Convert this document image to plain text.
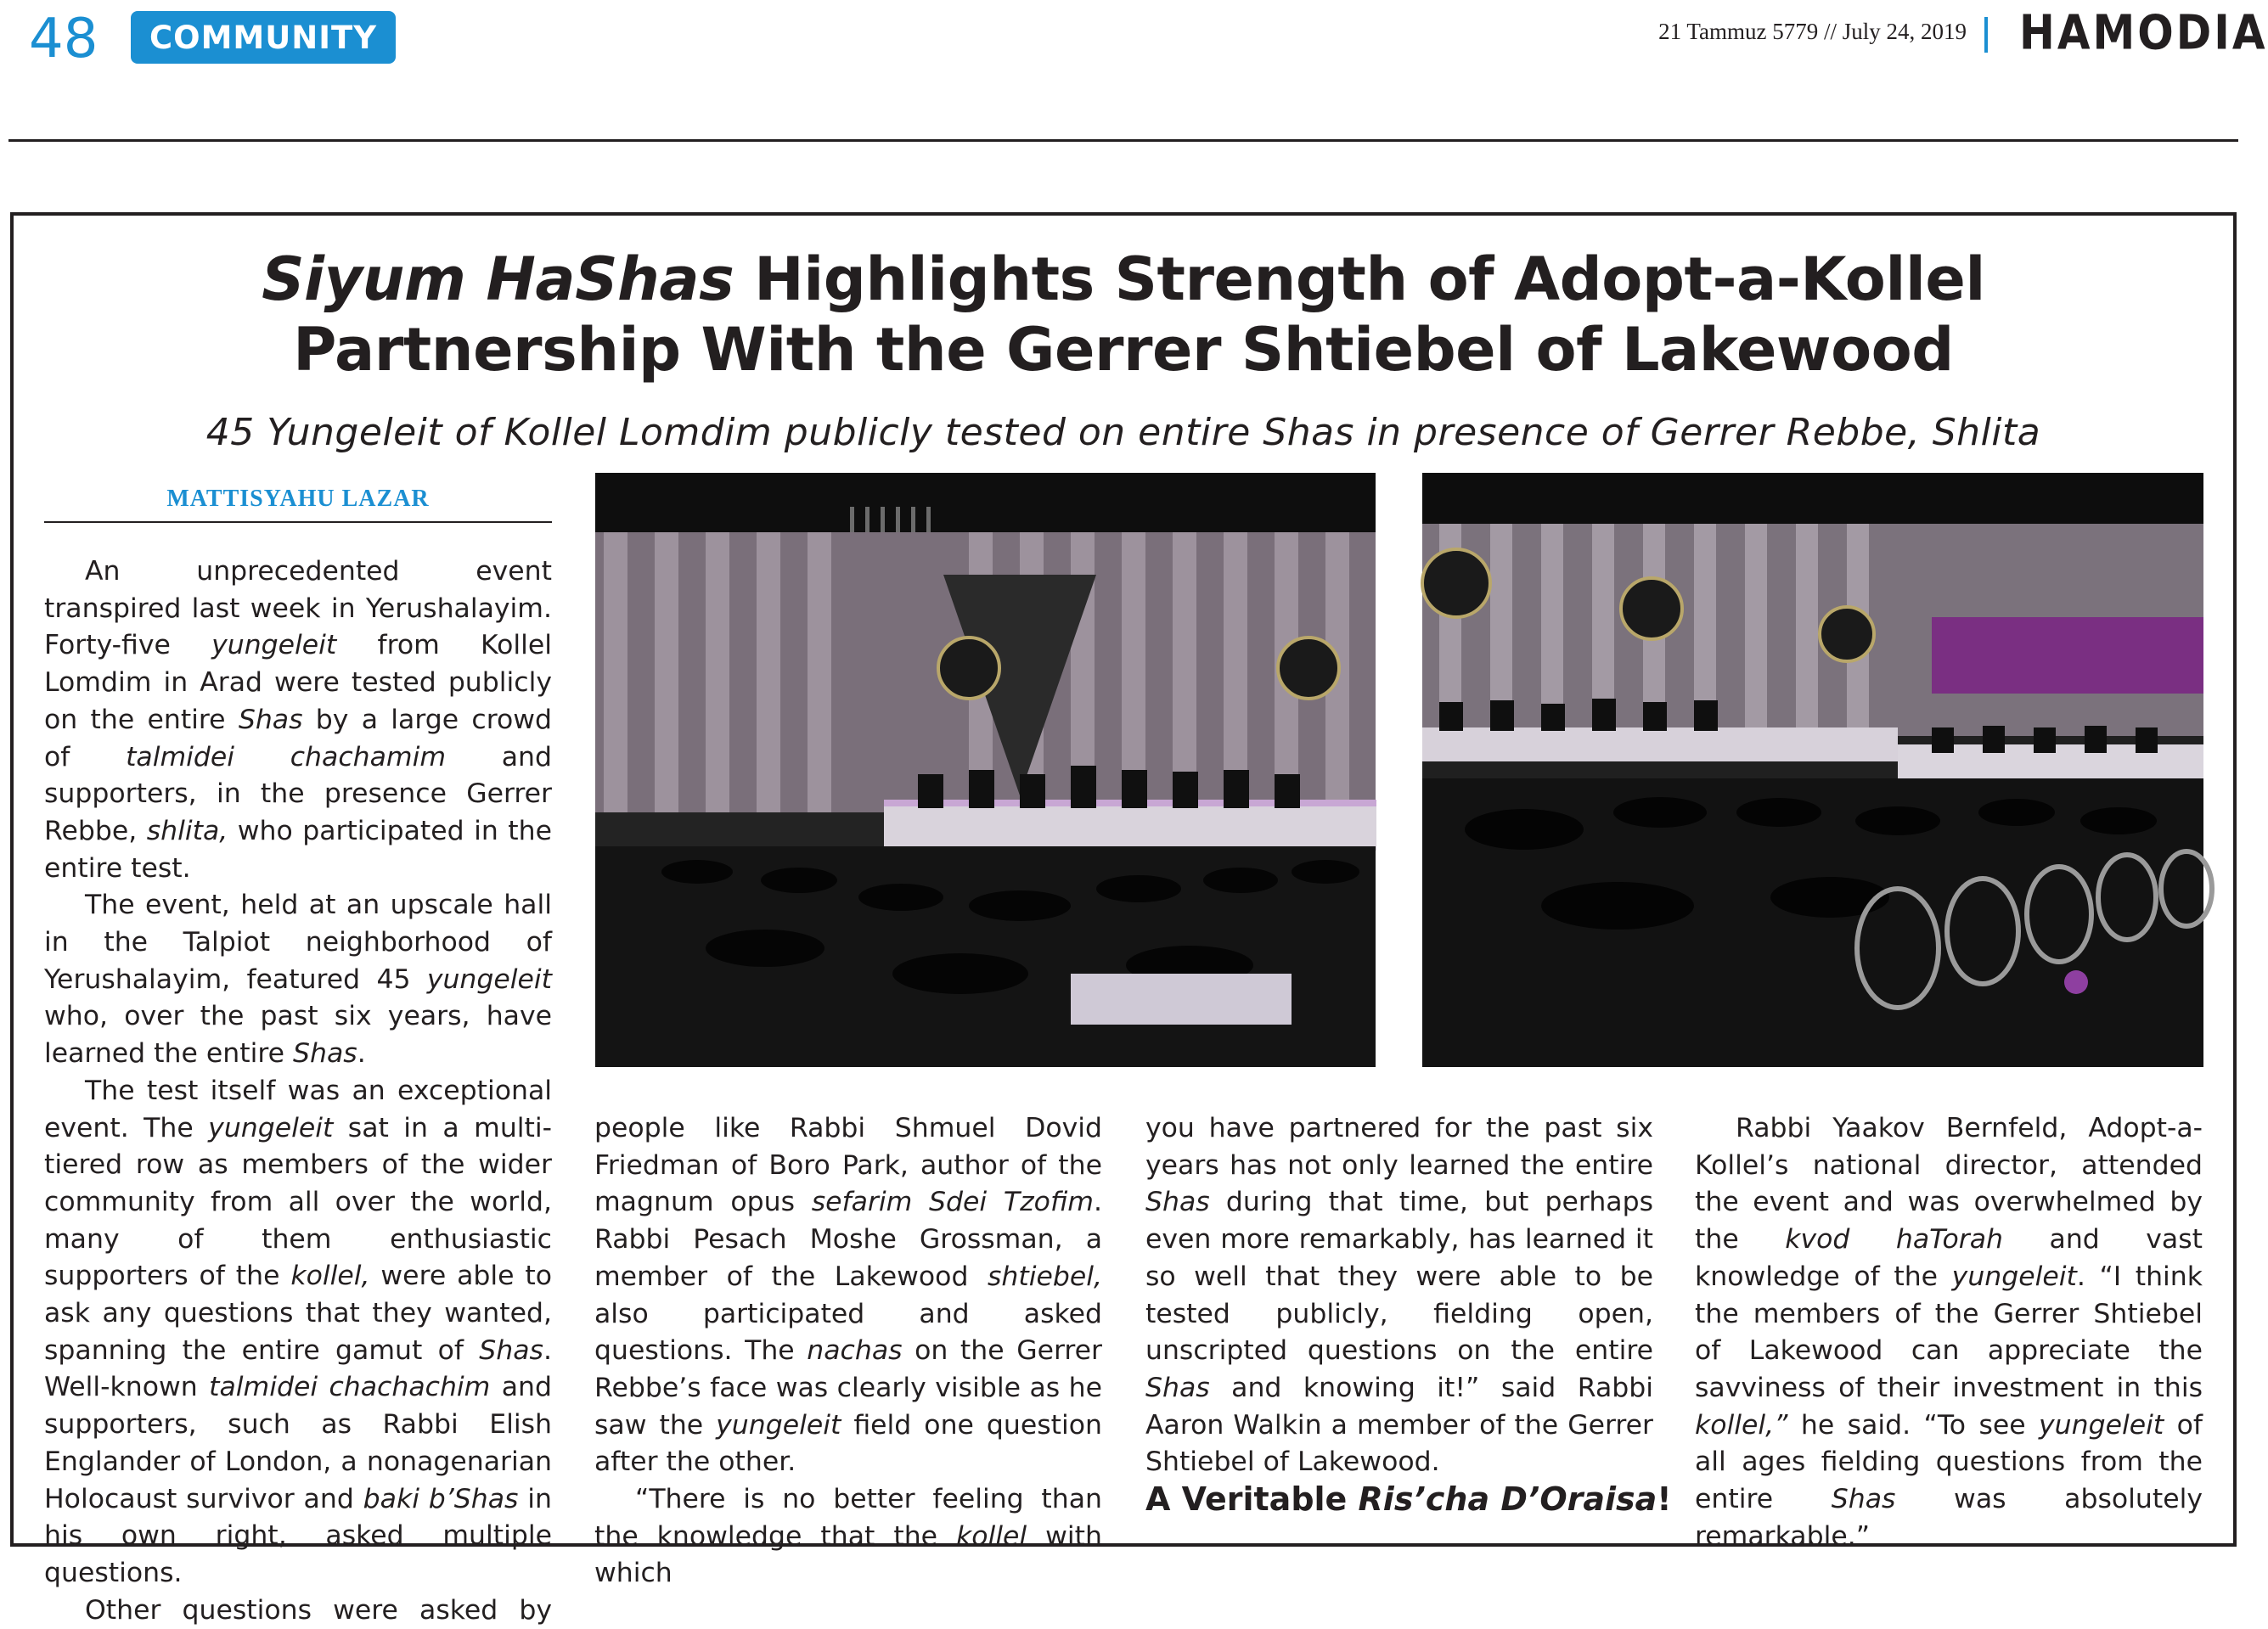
48	COMMUNITY	21 Tammuz 5779 // July 24, 2019 HAMODIA
Siyum HaShas Highlights Strength of Adopt-a-Kollel
Partnership With the Gerrer Shtiebel of Lakewood
45 Yungeleit of Kollel Lomdim publicly tested on entire Shas in presence of Gerrer Rebbe, Shlita
MATTISYAHU LAZAR

An unprecedented event transpired last week in Yerushalayim. Forty-five yungeleit from Kollel Lomdim in Arad were tested publicly on the entire Shas by a large crowd of talmidei chachamim and supporters, in the presence Gerrer Rebbe, shlita, who participated in the entire test.

The event, held at an upscale hall in the Talpiot neighborhood of Yerushalayim, featured 45 yungeleit who, over the past six years, have learned the entire Shas.

The test itself was an exceptional event. The yungeleit sat in a multi-tiered row as members of the wider community from all over the world, many of them enthusiastic supporters of the kollel, were able to ask any questions that they wanted, spanning the entire gamut of Shas. Well-known talmidei chachachim and supporters, such as Rabbi Elish Englander of London, a nonagenarian Holocaust survivor and baki b’Shas in his own right, asked multiple questions.

Other questions were asked by

people like Rabbi Shmuel Dovid Friedman of Boro Park, author of the magnum opus sefarim Sdei Tzofim. Rabbi Pesach Moshe Grossman, a member of the Lakewood shtiebel, also participated and asked questions. The nachas on the Gerrer Rebbe’s face was clearly visible as he saw the yungeleit field one question after the other.

“There is no better feeling than the knowledge that the kollel with which

you have partnered for the past six years has not only learned the entire Shas during that time, but perhaps even more remarkably, has learned it so well that they were able to be tested publicly, fielding open, unscripted questions on the entire Shas and knowing it!” said Rabbi Aaron Walkin a member of the Gerrer Shtiebel of Lakewood.

A Veritable Ris’cha D’Oraisa!

Rabbi Yaakov Bernfeld, Adopt-a-Kollel’s national director, attended the event and was overwhelmed by the kvod haTorah and vast knowledge of the yungeleit. “I think the members of the Gerrer Shtiebel of Lakewood can appreciate the savviness of their investment in this kollel,” he said. “To see yungeleit of all ages fielding questions from the entire Shas was absolutely remarkable.”
